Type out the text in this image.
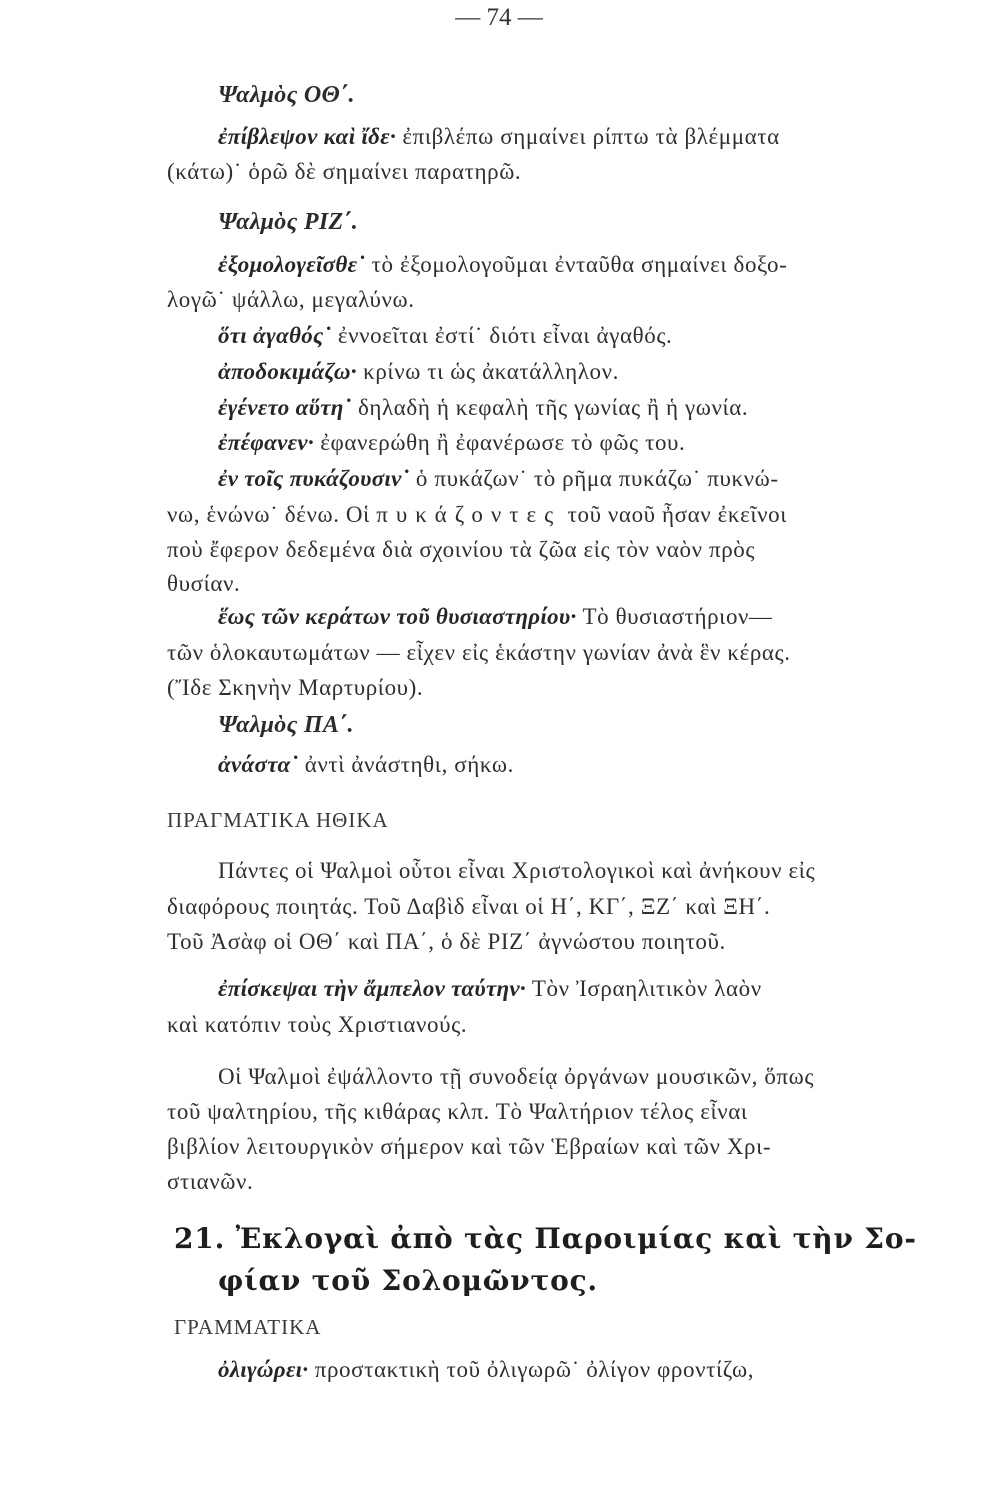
— 74 —
Ψαλμὸς ΟΘ΄.
ἐπίβλεψον καὶ ἴδε· ἐπιβλέπω σημαίνει ρίπτω τὰ βλέμματα
(κάτω)˙ ὁρῶ δὲ σημαίνει παρατηρῶ.
Ψαλμὸς ΡΙΖ΄.
ἐξομολογεῖσθε˙ τὸ ἐξομολογοῦμαι ἐνταῦθα σημαίνει δοξο-
λογῶ˙ ψάλλω, μεγαλύνω.
ὅτι ἀγαθός˙ ἐννοεῖται ἐστί˙ διότι εἶναι ἀγαθός.
ἀποδοκιμάζω· κρίνω τι ὡς ἀκατάλληλον.
ἐγένετο αὕτη˙ δηλαδὴ ἡ κεφαλὴ τῆς γωνίας ἢ ἡ γωνία.
ἐπέφανεν· ἐφανερώθη ἢ ἐφανέρωσε τὸ φῶς του.
ἐν τοῖς πυκάζουσιν˙ ὁ πυκάζων˙ τὸ ρῆμα πυκάζω˙ πυκνώ-
νω, ἑνώνω˙ δένω. Οἱ πυκάζοντες τοῦ ναοῦ ἦσαν ἐκεῖνοι
ποὺ ἔφερον δεδεμένα διὰ σχοινίου τὰ ζῶα εἰς τὸν ναὸν πρὸς
θυσίαν.
ἕως τῶν κεράτων τοῦ θυσιαστηρίου· Τὸ θυσιαστήριον—
τῶν ὁλοκαυτωμάτων — εἶχεν εἰς ἑκάστην γωνίαν ἀνὰ ἓν κέρας.
(Ἴδε Σκηνὴν Μαρτυρίου).
Ψαλμὸς ΠΑ΄.
ἀνάστα˙ ἀντὶ ἀνάστηθι, σήκω.
ΠΡΑΓΜΑΤΙΚΑ ΗΘΙΚΑ
Πάντες οἱ Ψαλμοὶ οὗτοι εἶναι Χριστολογικοὶ καὶ ἀνήκουν εἰς
διαφόρους ποιητάς. Τοῦ Δαβὶδ εἶναι οἱ Η΄, ΚΓ΄, ΞΖ΄ καὶ ΞΗ΄.
Τοῦ Ἀσὰφ οἱ ΟΘ΄ καὶ ΠΑ΄, ὁ δὲ ΡΙΖ΄ ἀγνώστου ποιητοῦ.
ἐπίσκεψαι τὴν ἄμπελον ταύτην· Τὸν Ἰσραηλιτικὸν λαὸν
καὶ κατόπιν τοὺς Χριστιανούς.
Οἱ Ψαλμοὶ ἐψάλλοντο τῇ συνοδείᾳ ὀργάνων μουσικῶν, ὅπως
τοῦ ψαλτηρίου, τῆς κιθάρας κλπ. Τὸ Ψαλτήριον τέλος εἶναι
βιβλίον λειτουργικὸν σήμερον καὶ τῶν Ἑβραίων καὶ τῶν Χρι-
στιανῶν.
21. Ἐκλογαὶ ἀπὸ τὰς Παροιμίας καὶ τὴν Σο-
φίαν τοῦ Σολομῶντος.
ΓΡΑΜΜΑΤΙΚΑ
ὀλιγώρει· προστακτικὴ τοῦ ὀλιγωρῶ˙ ὀλίγον φροντίζω,
